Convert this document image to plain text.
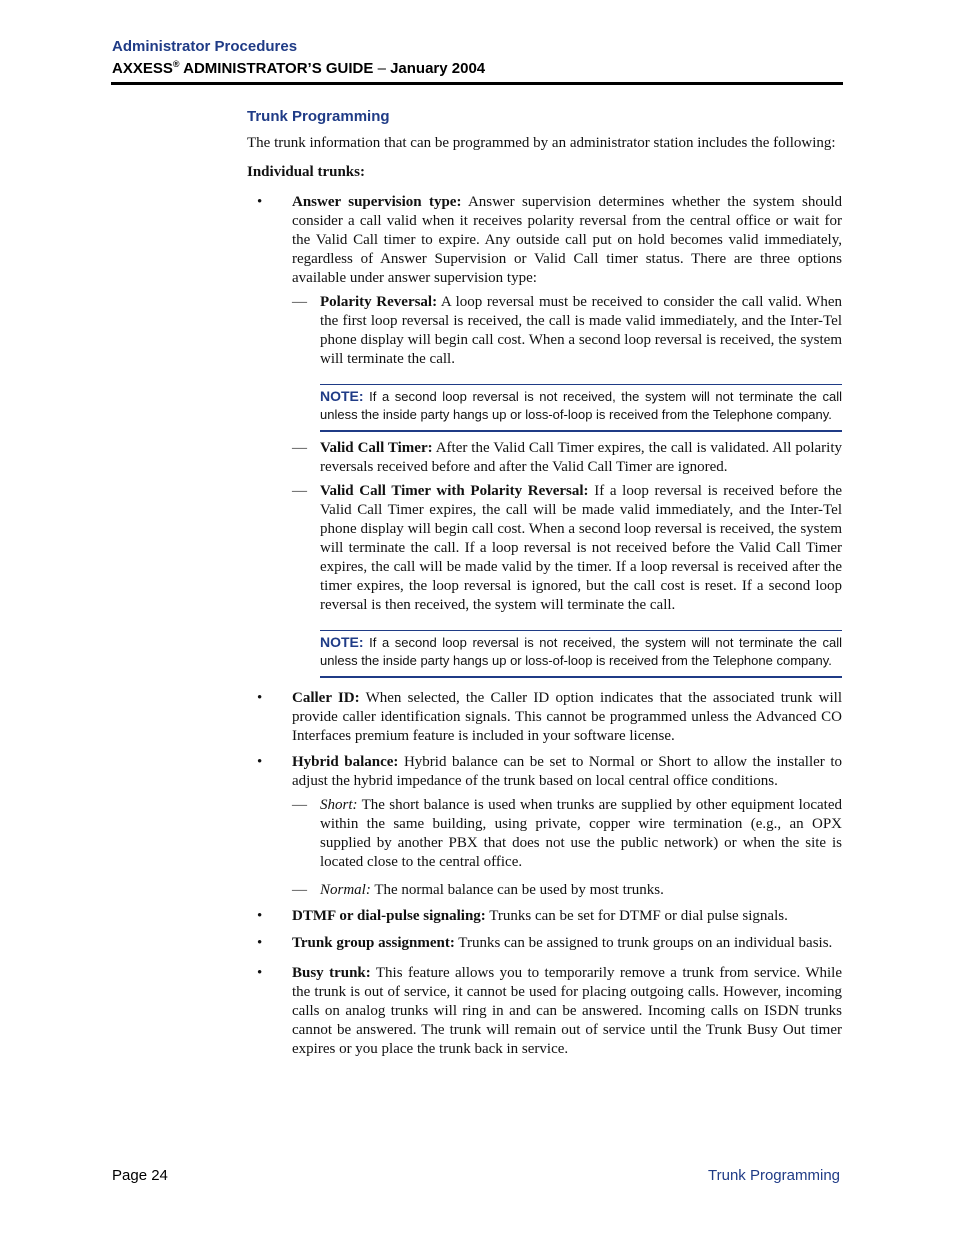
Administrator Procedures
AXXESS® ADMINISTRATOR’S GUIDE – January 2004
Trunk Programming

The trunk information that can be programmed by an administrator station includes the following:

Individual trunks:
• Answer supervision type: Answer supervision determines whether the system should consider a call valid when it receives polarity reversal from the central office or wait for the Valid Call timer to expire. Any outside call put on hold becomes valid immediately, regardless of Answer Supervision or Valid Call timer status. There are three options available under answer supervision type:

— Polarity Reversal: A loop reversal must be received to consider the call valid. When the first loop reversal is received, the call is made valid immediately, and the Inter-Tel phone display will begin call cost. When a second loop reversal is received, the system will terminate the call.

NOTE: If a second loop reversal is not received, the system will not terminate the call unless the inside party hangs up or loss-of-loop is received from the Telephone company.

— Valid Call Timer: After the Valid Call Timer expires, the call is validated. All polarity reversals received before and after the Valid Call Timer are ignored.

— Valid Call Timer with Polarity Reversal: If a loop reversal is received before the Valid Call Timer expires, the call will be made valid immediately, and the Inter-Tel phone display will begin call cost. When a second loop reversal is received, the system will terminate the call. If a loop reversal is not received before the Valid Call Timer expires, the call will be made valid by the timer. If a loop reversal is received after the timer expires, the loop reversal is ignored, but the call cost is reset. If a second loop reversal is then received, the system will terminate the call.

NOTE: If a second loop reversal is not received, the system will not terminate the call unless the inside party hangs up or loss-of-loop is received from the Telephone company.

• Caller ID: When selected, the Caller ID option indicates that the associated trunk will provide caller identification signals. This cannot be programmed unless the Advanced CO Interfaces premium feature is included in your software license.

• Hybrid balance: Hybrid balance can be set to Normal or Short to allow the installer to adjust the hybrid impedance of the trunk based on local central office conditions.

— Short: The short balance is used when trunks are supplied by other equipment located within the same building, using private, copper wire termination (e.g., an OPX supplied by another PBX that does not use the public network) or when the site is located close to the central office.

— Normal: The normal balance can be used by most trunks.

• DTMF or dial-pulse signaling: Trunks can be set for DTMF or dial pulse signals.

• Trunk group assignment: Trunks can be assigned to trunk groups on an individual basis.

• Busy trunk: This feature allows you to temporarily remove a trunk from service. While the trunk is out of service, it cannot be used for placing outgoing calls. However, incoming calls on analog trunks will ring in and can be answered. Incoming calls on ISDN trunks cannot be answered. The trunk will remain out of service until the Trunk Busy Out timer expires or you place the trunk back in service.

Page 24	Trunk Programming
